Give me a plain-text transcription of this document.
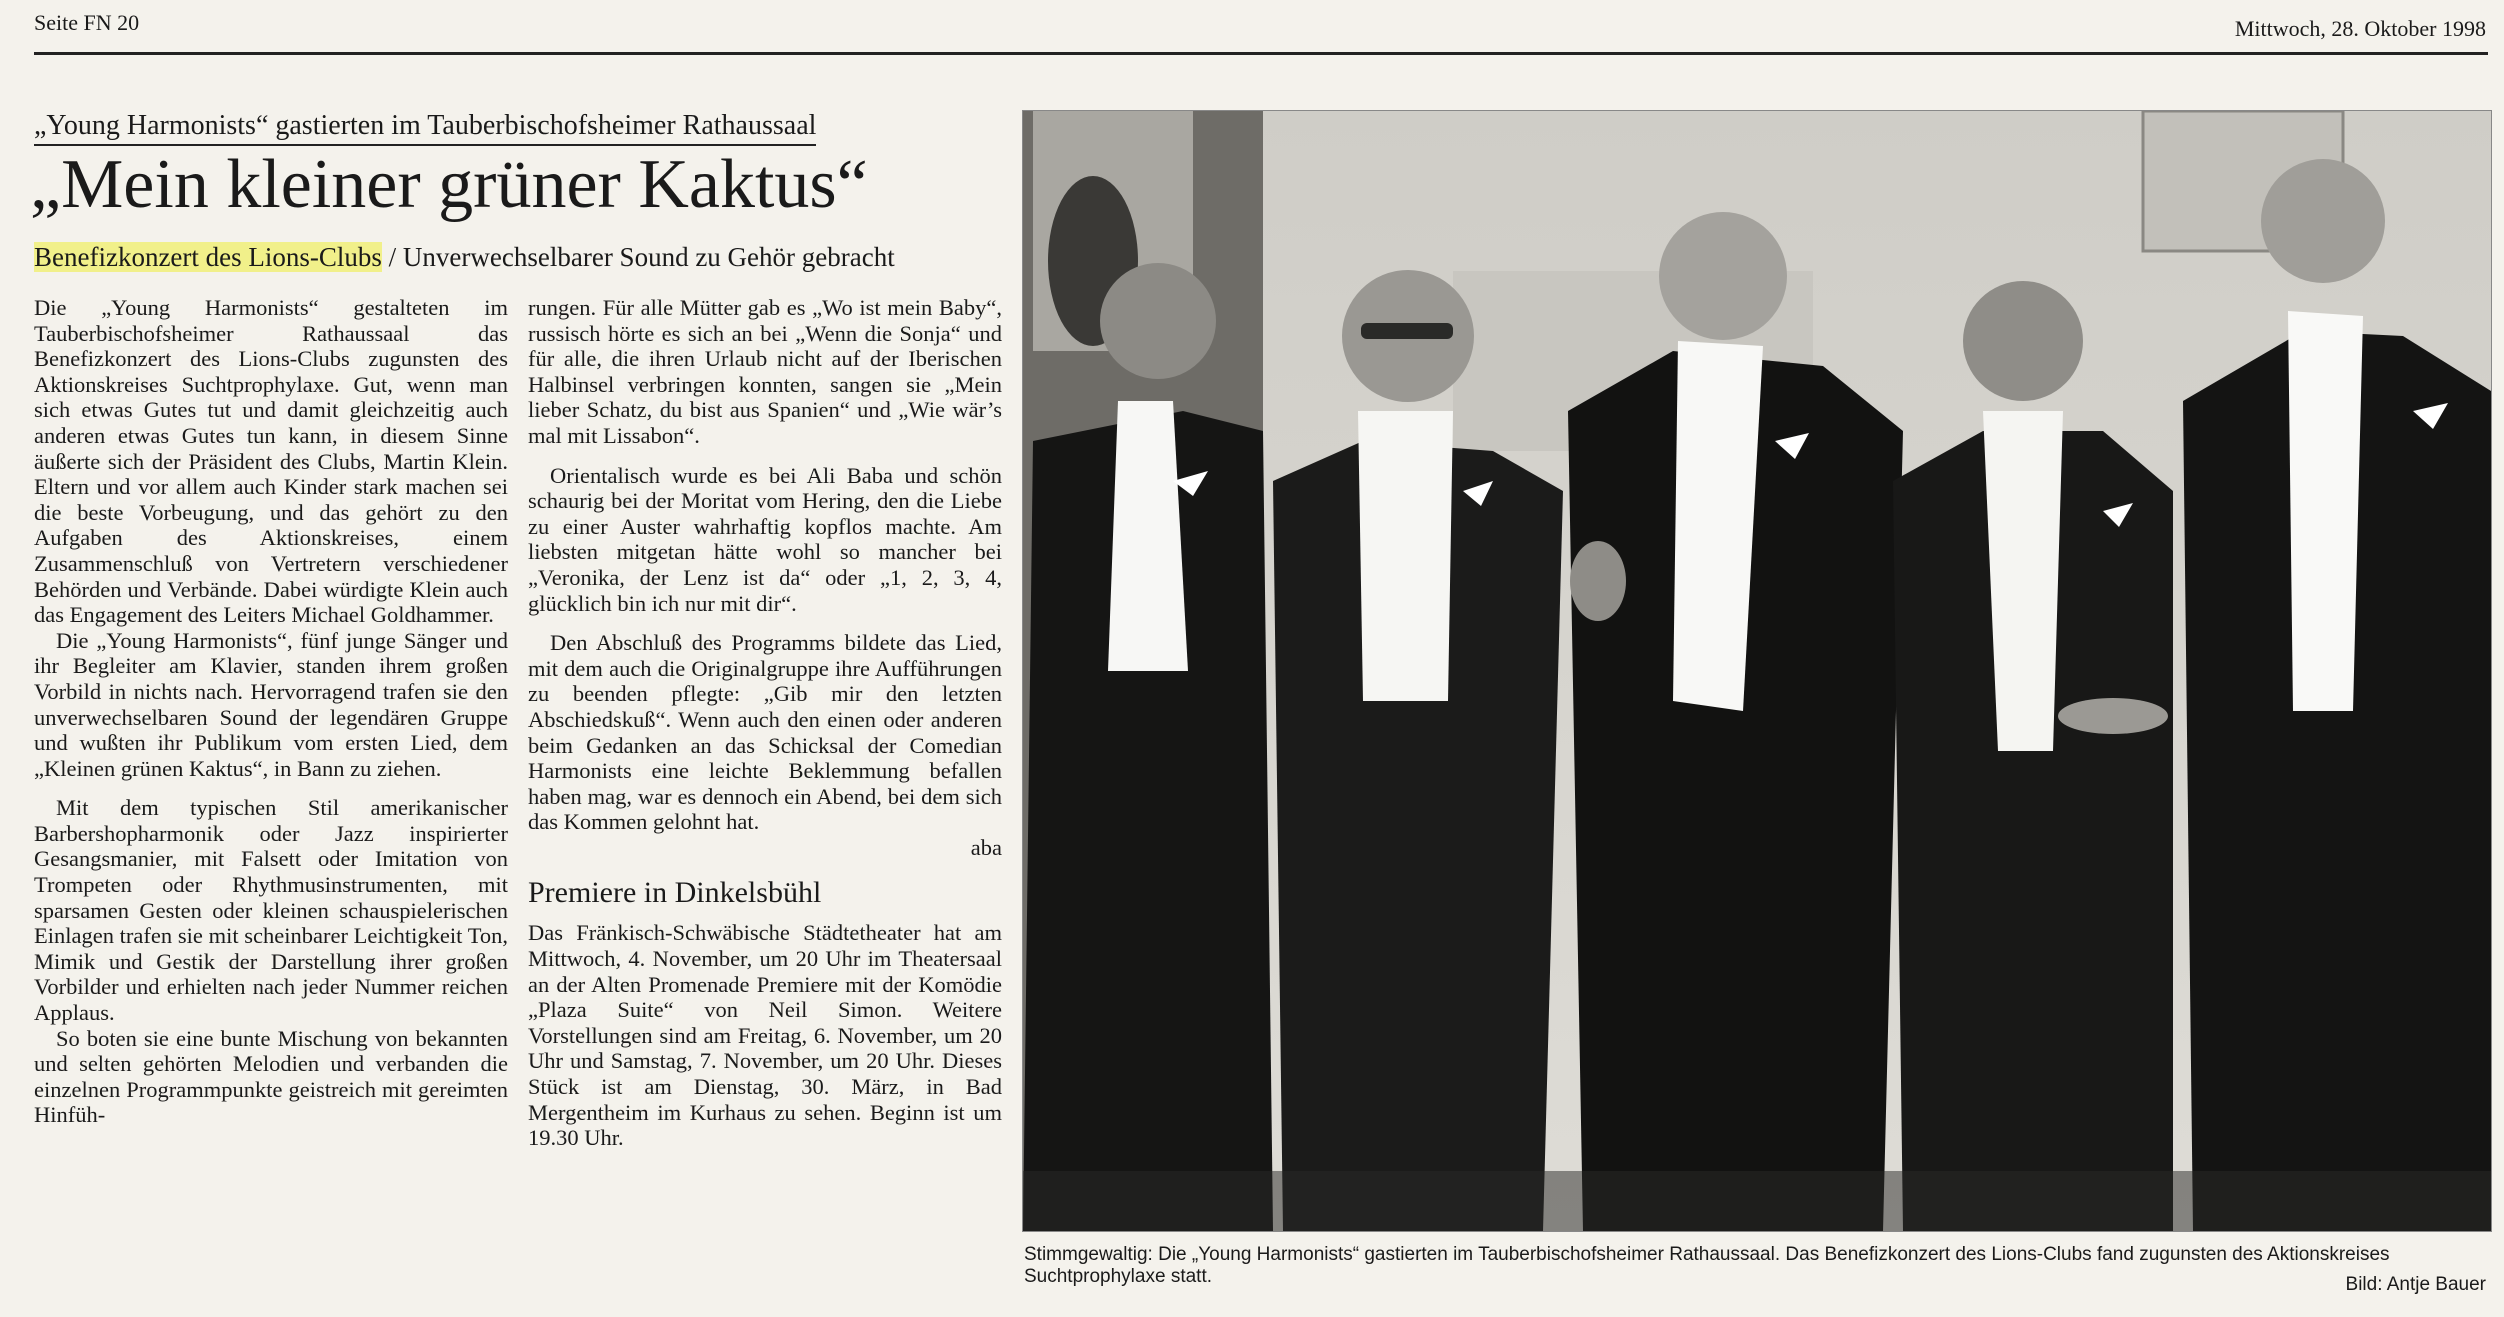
Seite FN 20	Mittwoch, 28. Oktober 1998
„Young Harmonists“ gastierten im Tauberbischofsheimer Rathaussaal
„Mein kleiner grüner Kaktus“
Benefizkonzert des Lions-Clubs / Unverwechselbarer Sound zu Gehör gebracht

Die „Young Harmonists“ gestalteten im Tauberbischofsheimer Rathaussaal das Benefizkonzert des Lions-Clubs zugunsten des Aktionskreises Suchtprophylaxe. Gut, wenn man sich etwas Gutes tut und damit gleichzeitig auch anderen etwas Gutes tun kann, in diesem Sinne äußerte sich der Präsident des Clubs, Martin Klein. Eltern und vor allem auch Kinder stark machen sei die beste Vorbeugung, und das gehört zu den Aufgaben des Aktionskreises, einem Zusammenschluß von Vertretern verschiedener Behörden und Verbände. Dabei würdigte Klein auch das Engagement des Leiters Michael Goldhammer.

Die „Young Harmonists“, fünf junge Sänger und ihr Begleiter am Klavier, standen ihrem großen Vorbild in nichts nach. Hervorragend trafen sie den unverwechselbaren Sound der legendären Gruppe und wußten ihr Publikum vom ersten Lied, dem „Kleinen grünen Kaktus“, in Bann zu ziehen.

Mit dem typischen Stil amerikanischer Barbershopharmonik oder Jazz inspirierter Gesangsmanier, mit Falsett oder Imitation von Trompeten oder Rhythmusinstrumenten, mit sparsamen Gesten oder kleinen schauspielerischen Einlagen trafen sie mit scheinbarer Leichtigkeit Ton, Mimik und Gestik der Darstellung ihrer großen Vorbilder und erhielten nach jeder Nummer reichen Applaus.

So boten sie eine bunte Mischung von bekannten und selten gehörten Melodien und verbanden die einzelnen Programmpunkte geistreich mit gereimten Hinfüh-

rungen. Für alle Mütter gab es „Wo ist mein Baby“, russisch hörte es sich an bei „Wenn die Sonja“ und für alle, die ihren Urlaub nicht auf der Iberischen Halbinsel verbringen konnten, sangen sie „Mein lieber Schatz, du bist aus Spanien“ und „Wie wär’s mal mit Lissabon“.

Orientalisch wurde es bei Ali Baba und schön schaurig bei der Moritat vom Hering, den die Liebe zu einer Auster wahrhaftig kopflos machte. Am liebsten mitgetan hätte wohl so mancher bei „Veronika, der Lenz ist da“ oder „1, 2, 3, 4, glücklich bin ich nur mit dir“.

Den Abschluß des Programms bildete das Lied, mit dem auch die Originalgruppe ihre Aufführungen zu beenden pflegte: „Gib mir den letzten Abschiedskuß“. Wenn auch den einen oder anderen beim Gedanken an das Schicksal der Comedian Harmonists eine leichte Beklemmung befallen haben mag, war es dennoch ein Abend, bei dem sich das Kommen gelohnt hat.

aba

Premiere in Dinkelsbühl

Das Fränkisch-Schwäbische Städtetheater hat am Mittwoch, 4. November, um 20 Uhr im Theatersaal an der Alten Promenade Premiere mit der Komödie „Plaza Suite“ von Neil Simon. Weitere Vorstellungen sind am Freitag, 6. November, um 20 Uhr und Samstag, 7. November, um 20 Uhr. Dieses Stück ist am Dienstag, 30. März, in Bad Mergentheim im Kurhaus zu sehen. Beginn ist um 19.30 Uhr.

Stimmgewaltig: Die „Young Harmonists“ gastierten im Tauberbischofsheimer Rathaussaal. Das Benefizkonzert des Lions-Clubs fand zugunsten des Aktionskreises Suchtprophylaxe statt.	Bild: Antje Bauer
